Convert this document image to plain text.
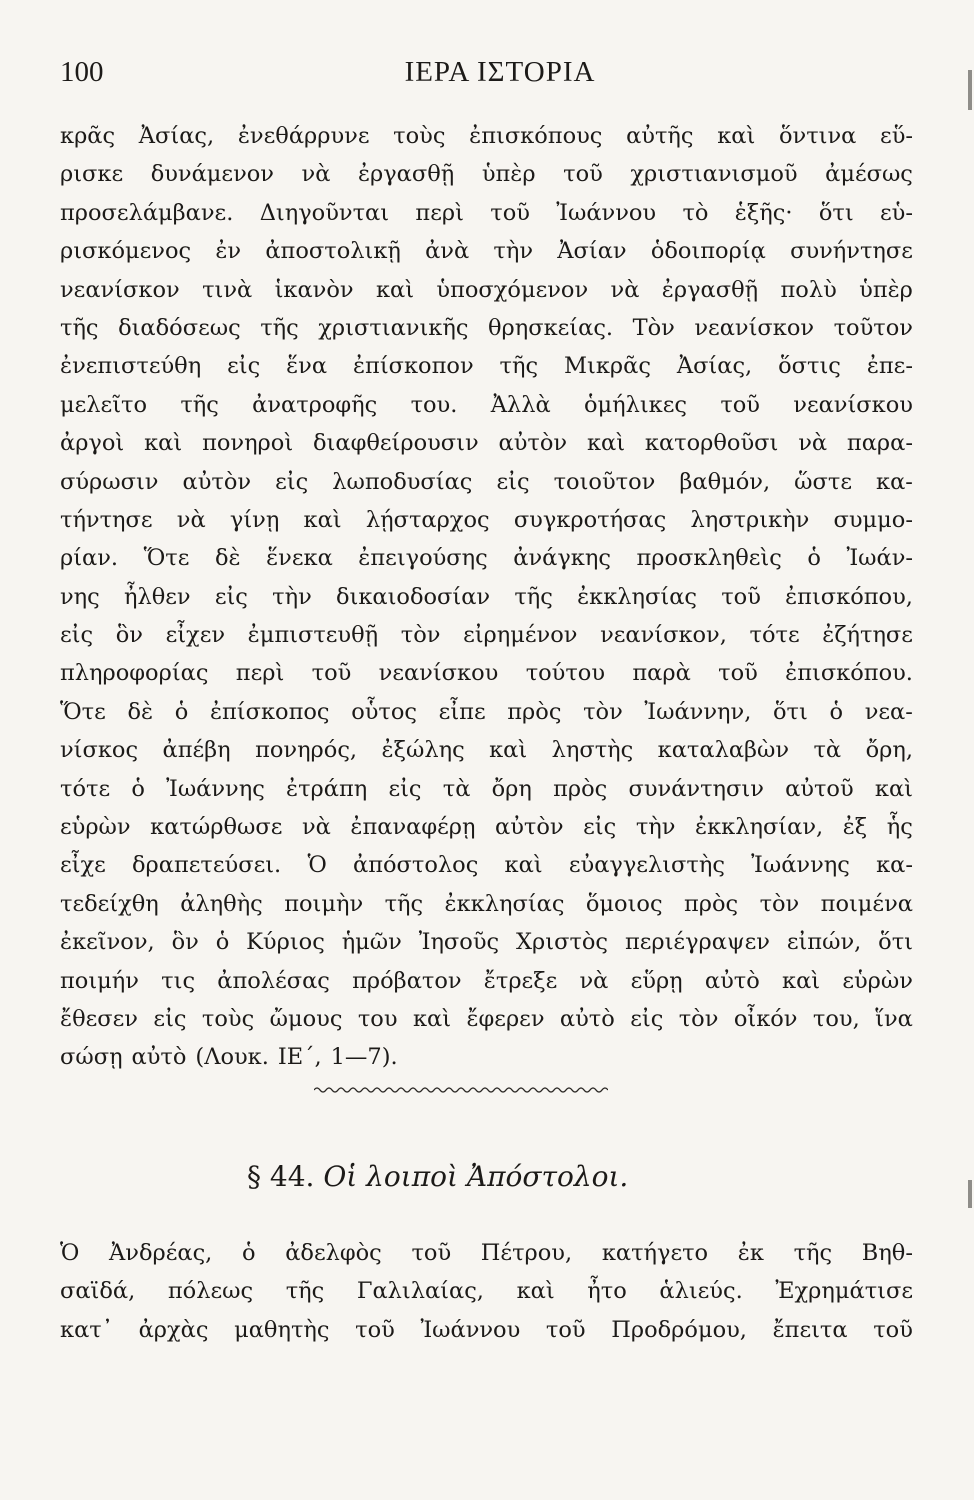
100	ΙΕΡΑ ΙΣΤΟΡΙΑ
κρᾶς Ἀσίας, ἐνεθάρρυνε τοὺς ἐπισκόπους αὐτῆς καὶ ὅντινα εὕ-
ρισκε δυνάμενον νὰ ἐργασθῇ ὑπὲρ τοῦ χριστιανισμοῦ ἀμέσως
προσελάμβανε. Διηγοῦνται περὶ τοῦ Ἰωάννου τὸ ἑξῆς· ὅτι εὑ-
ρισκόμενος ἐν ἀποστολικῇ ἀνὰ τὴν Ἀσίαν ὁδοιπορίᾳ συνήντησε
νεανίσκον τινὰ ἱκανὸν καὶ ὑποσχόμενον νὰ ἐργασθῇ πολὺ ὑπὲρ
τῆς διαδόσεως τῆς χριστιανικῆς θρησκείας. Τὸν νεανίσκον τοῦτον
ἐνεπιστεύθη εἰς ἕνα ἐπίσκοπον τῆς Μικρᾶς Ἀσίας, ὅστις ἐπε-
μελεῖτο τῆς ἀνατροφῆς του. Ἀλλὰ ὁμήλικες τοῦ νεανίσκου
ἀργοὶ καὶ πονηροὶ διαφθείρουσιν αὐτὸν καὶ κατορθοῦσι νὰ παρα-
σύρωσιν αὐτὸν εἰς λωποδυσίας εἰς τοιοῦτον βαθμόν, ὥστε κα-
τήντησε νὰ γίνῃ καὶ λῄσταρχος συγκροτήσας ληστρικὴν συμμο-
ρίαν. Ὅτε δὲ ἕνεκα ἐπειγούσης ἀνάγκης προσκληθεὶς ὁ Ἰωάν-
νης ἦλθεν εἰς τὴν δικαιοδοσίαν τῆς ἐκκλησίας τοῦ ἐπισκόπου,
εἰς ὃν εἶχεν ἐμπιστευθῇ τὸν εἰρημένον νεανίσκον, τότε ἐζήτησε
πληροφορίας περὶ τοῦ νεανίσκου τούτου παρὰ τοῦ ἐπισκόπου.
Ὅτε δὲ ὁ ἐπίσκοπος οὗτος εἶπε πρὸς τὸν Ἰωάννην, ὅτι ὁ νεα-
νίσκος ἀπέβη πονηρός, ἐξώλης καὶ ληστὴς καταλαβὼν τὰ ὄρη,
τότε ὁ Ἰωάννης ἐτράπη εἰς τὰ ὄρη πρὸς συνάντησιν αὐτοῦ καὶ
εὑρὼν κατώρθωσε νὰ ἐπαναφέρῃ αὐτὸν εἰς τὴν ἐκκλησίαν, ἐξ ἧς
εἶχε δραπετεύσει. Ὁ ἀπόστολος καὶ εὐαγγελιστὴς Ἰωάννης κα-
τεδείχθη ἀληθὴς ποιμὴν τῆς ἐκκλησίας ὅμοιος πρὸς τὸν ποιμένα
ἐκεῖνον, ὃν ὁ Κύριος ἡμῶν Ἰησοῦς Χριστὸς περιέγραψεν εἰπών, ὅτι
ποιμήν τις ἀπολέσας πρόβατον ἔτρεξε νὰ εὕρῃ αὐτὸ καὶ εὑρὼν
ἔθεσεν εἰς τοὺς ὤμους του καὶ ἔφερεν αὐτὸ εἰς τὸν οἶκόν του, ἵνα
σώσῃ αὐτὸ (Λουκ. ΙΕ΄, 1—7).
§ 44. Οἱ λοιποὶ Ἀπόστολοι.
Ὁ Ἀνδρέας, ὁ ἀδελφὸς τοῦ Πέτρου, κατήγετο ἐκ τῆς Βηθ-
σαϊδά, πόλεως τῆς Γαλιλαίας, καὶ ἦτο ἁλιεύς. Ἐχρημάτισε
κατ᾽ ἀρχὰς μαθητὴς τοῦ Ἰωάννου τοῦ Προδρόμου, ἔπειτα τοῦ
